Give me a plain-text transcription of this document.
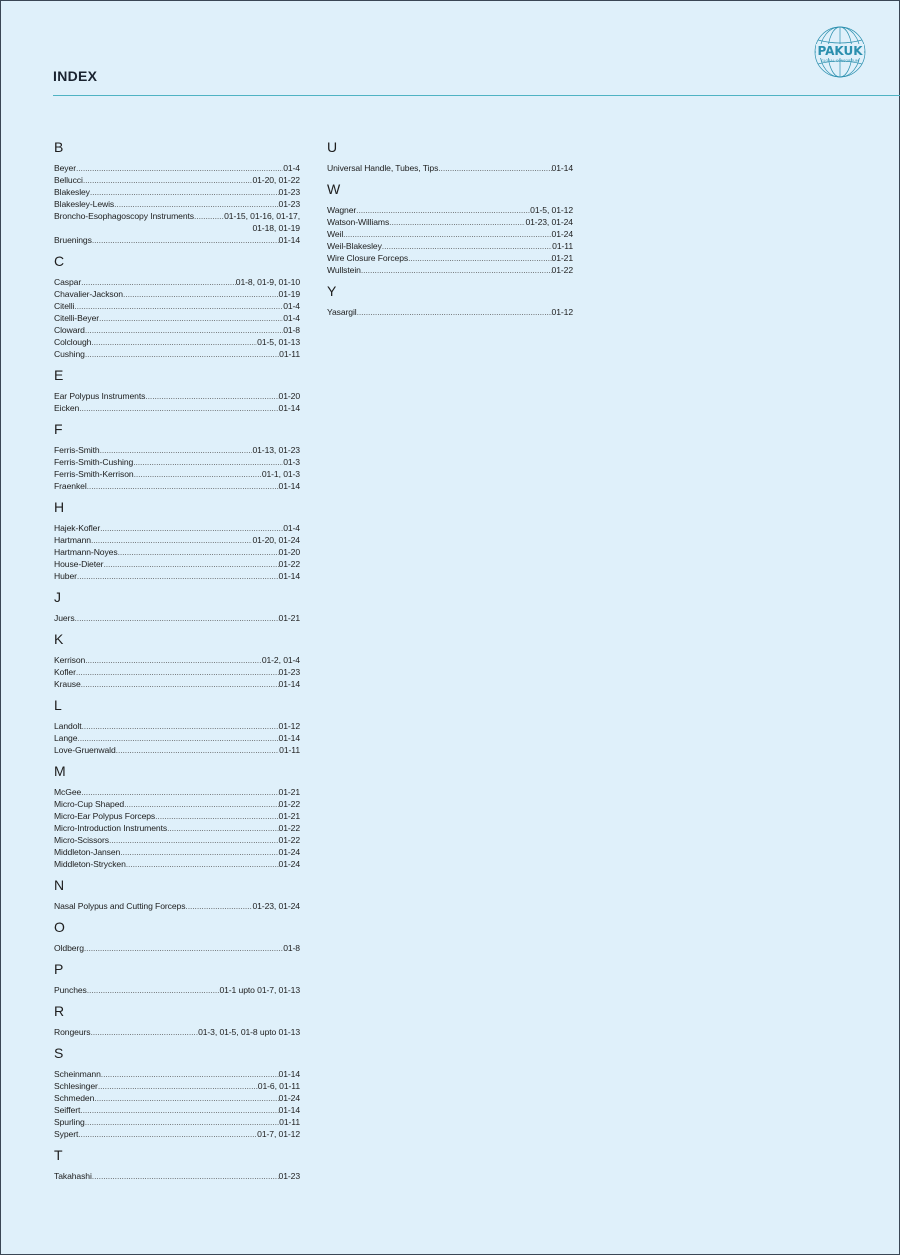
INDEX
PAKUK
GLOBAL CONSORTIUM
B
Beyer .....	01-4
Bellucci .....	01-20, 01-22
Blakesley .....	01-23
Blakesley-Lewis .....	01-23
Broncho-Esophagoscopy Instruments .....	01-15, 01-16, 01-17,
01-18, 01-19
Bruenings .....	01-14
C
Caspar .....	01-8, 01-9, 01-10
Chavalier-Jackson .....	01-19
Citelli .....	01-4
Citelli-Beyer .....	01-4
Cloward .....	01-8
Colclough .....	01-5, 01-13
Cushing .....	01-11
E
Ear Polypus Instruments .....	01-20
Eicken .....	01-14
F
Ferris-Smith .....	01-13, 01-23
Ferris-Smith-Cushing .....	01-3
Ferris-Smith-Kerrison .....	01-1, 01-3
Fraenkel .....	01-14
H
Hajek-Kofler .....	01-4
Hartmann .....	01-20, 01-24
Hartmann-Noyes .....	01-20
House-Dieter .....	01-22
Huber .....	01-14
J
Juers .....	01-21
K
Kerrison .....	01-2, 01-4
Kofler .....	01-23
Krause .....	01-14
L
Landolt .....	01-12
Lange .....	01-14
Love-Gruenwald .....	01-11
M
McGee .....	01-21
Micro-Cup Shaped .....	01-22
Micro-Ear Polypus Forceps .....	01-21
Micro-Introduction Instruments .....	01-22
Micro-Scissors .....	01-22
Middleton-Jansen .....	01-24
Middleton-Strycken .....	01-24
N
Nasal Polypus and Cutting Forceps .....	01-23, 01-24
O
Oldberg .....	01-8
P
Punches .....	01-1 upto 01-7, 01-13
R
Rongeurs .....	01-3, 01-5, 01-8 upto 01-13
S
Scheinmann .....	01-14
Schlesinger .....	01-6, 01-11
Schmeden .....	01-24
Seiffert .....	01-14
Spurling .....	01-11
Sypert .....	01-7, 01-12
T
Takahashi .....	01-23
U
Universal Handle, Tubes, Tips .....	01-14
W
Wagner .....	01-5, 01-12
Watson-Williams .....	01-23, 01-24
Weil .....	01-24
Weil-Blakesley .....	01-11
Wire Closure Forceps .....	01-21
Wullstein .....	01-22
Y
Yasargil .....	01-12
